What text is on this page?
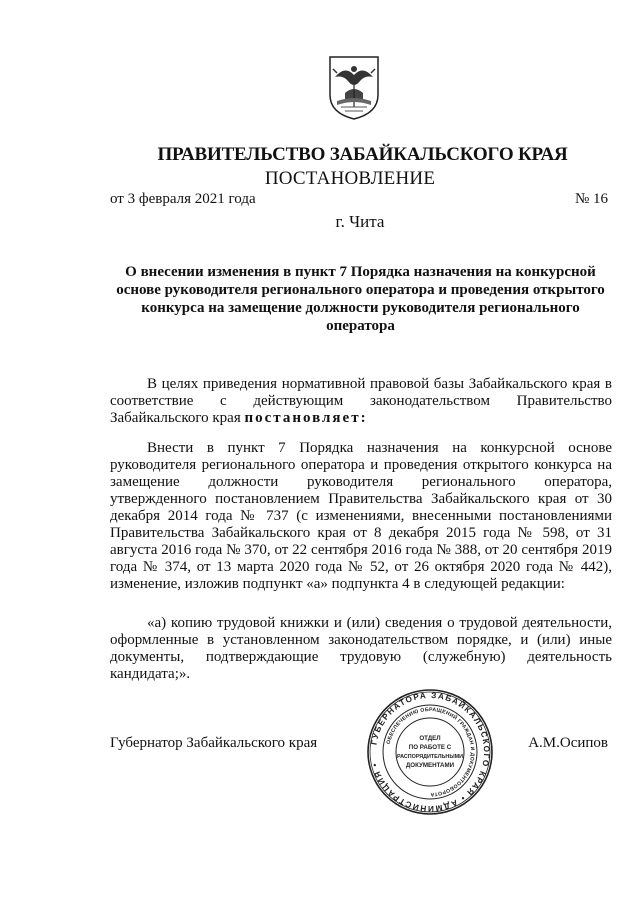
ПРАВИТЕЛЬСТВО ЗАБАЙКАЛЬСКОГО КРАЯ
ПОСТАНОВЛЕНИЕ
от 3 февраля 2021 года	№ 16
г. Чита
О внесении изменения в пункт 7 Порядка назначения на конкурсной основе руководителя регионального оператора и проведения открытого конкурса на замещение должности руководителя регионального оператора
В целях приведения нормативной правовой базы Забайкальского края в соответствие с действующим законодательством Правительство Забайкальского края постановляет:
Внести в пункт 7 Порядка назначения на конкурсной основе руководителя регионального оператора и проведения открытого конкурса на замещение должности руководителя регионального оператора, утвержденного постановлением Правительства Забайкальского края от 30 декабря 2014 года № 737 (с изменениями, внесенными постановлениями Правительства Забайкальского края от 8 декабря 2015 года № 598, от 31 августа 2016 года № 370, от 22 сентября 2016 года № 388, от 20 сентября 2019 года № 374, от 13 марта 2020 года № 52, от 26 октября 2020 года № 442), изменение, изложив подпункт «а» подпункта 4 в следующей редакции:
«а) копию трудовой книжки и (или) сведения о трудовой деятельности, оформленные в установленном законодательством порядке, и (или) иные документы, подтверждающие трудовую (служебную) деятельность кандидата;».
Губернатор Забайкальского края	А.М.Осипов
ГУБЕРНАТОРА ЗАБАЙКАЛЬСКОГО КРАЯ • АДМИНИСТРАЦИЯ •
ОБЕСПЕЧЕНИЮ ОБРАЩЕНИЙ ГРАЖДАН И ДОКУМЕНТООБОРОТА
ОТДЕЛ
ПО РАБОТЕ С
РАСПОРЯДИТЕЛЬНЫМИ
ДОКУМЕНТАМИ
